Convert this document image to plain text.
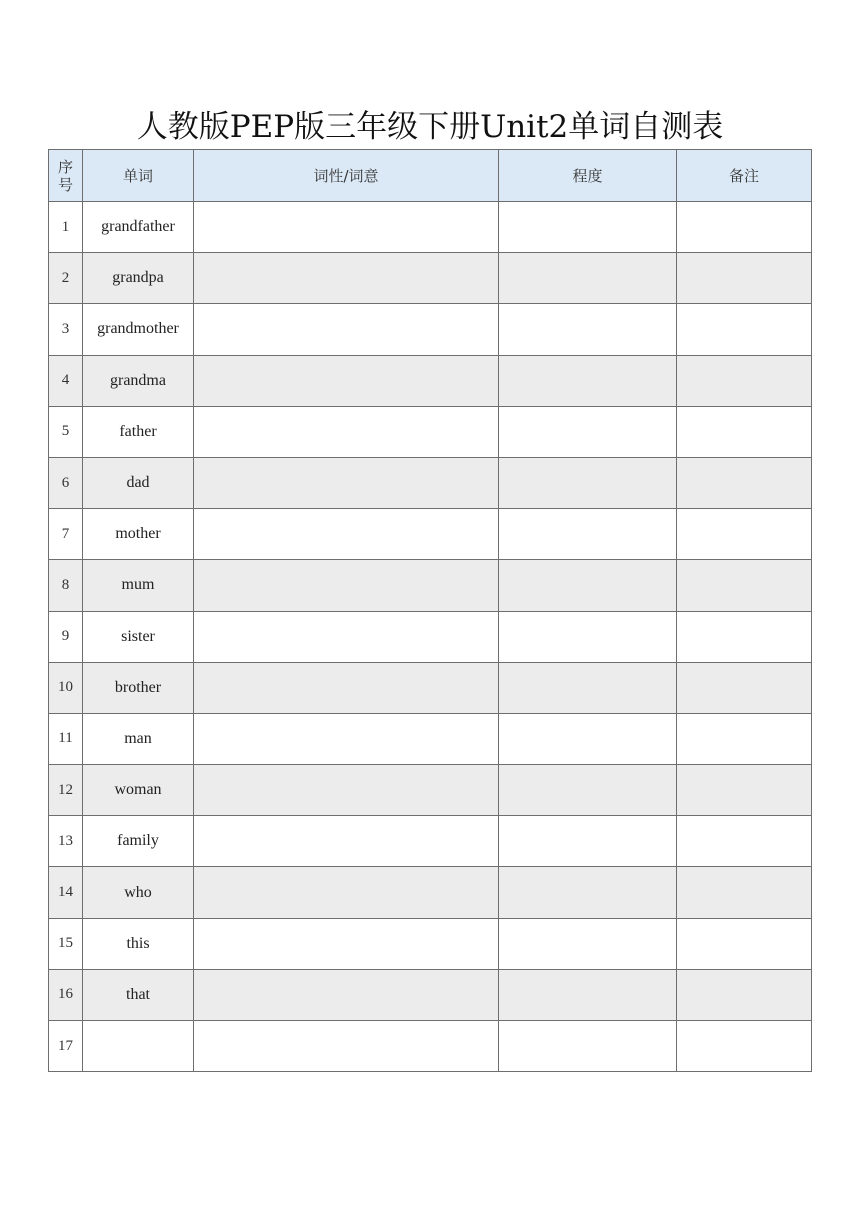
人教版PEP版三年级下册Unit2单词自测表
序
号	单词	词性/词意	程度	备注
1	grandfather			
2	grandpa			
3	grandmother			
4	grandma			
5	father			
6	dad			
7	mother			
8	mum			
9	sister			
10	brother			
11	man			
12	woman			
13	family			
14	who			
15	this			
16	that			
17				
